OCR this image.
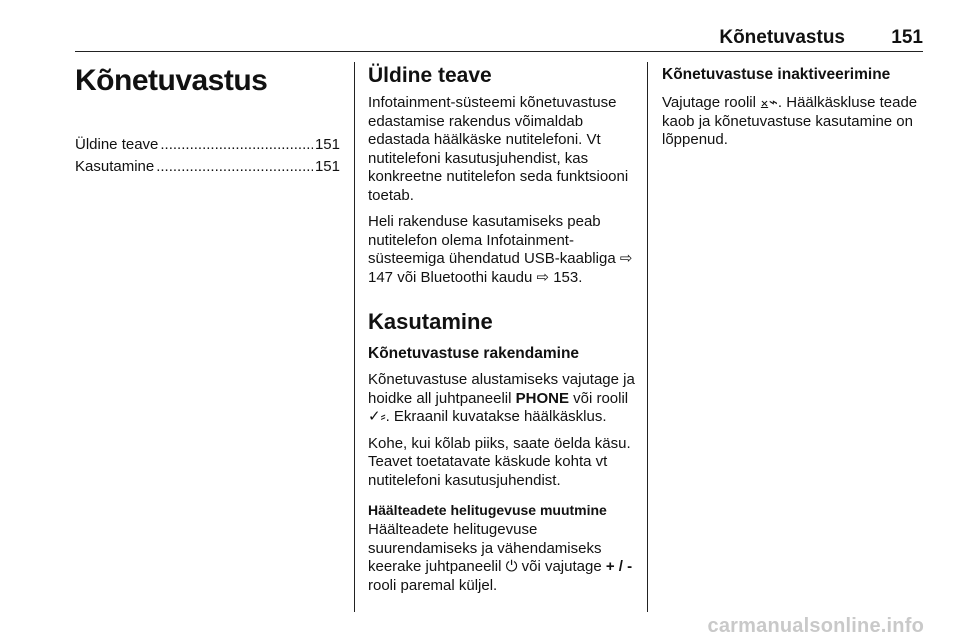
Kõnetuvastus 151
Kõnetuvastus
Üldine teave .....	151
Kasutamine .....	151
Üldine teave

Infotainment-süsteemi kõnetuvastuse edastamise rakendus võimaldab edastada häälkäske nutitelefoni. Vt nutitelefoni kasutusjuhendist, kas konkreetne nutitelefon seda funktsiooni toetab.

Heli rakenduse kasutamiseks peab nutitelefon olema Infotainment-süsteemiga ühendatud USB-kaabliga ⇨ 147 või Bluetoothi kaudu ⇨ 153.

Kasutamine
Kõnetuvastuse rakendamine

Kõnetuvastuse alustamiseks vajutage ja hoidke all juhtpaneelil PHONE või roolil ✓⸗. Ekraanil kuvatakse häälkäsklus.

Kohe, kui kõlab piiks, saate öelda käsu. Teavet toetatavate käskude kohta vt nutitelefoni kasutusjuhendist.

Häälteadete helitugevuse muutmine

Häälteadete helitugevuse suurendamiseks ja vähendamiseks keerake juhtpaneelil ⏻ või vajutage + / - rooli paremal küljel.

Kõnetuvastuse inaktiveerimine

Vajutage roolil ⨱⌁. Häälkäskluse teade kaob ja kõnetuvastuse kasutamine on lõppenud.

carmanualsonline.info
